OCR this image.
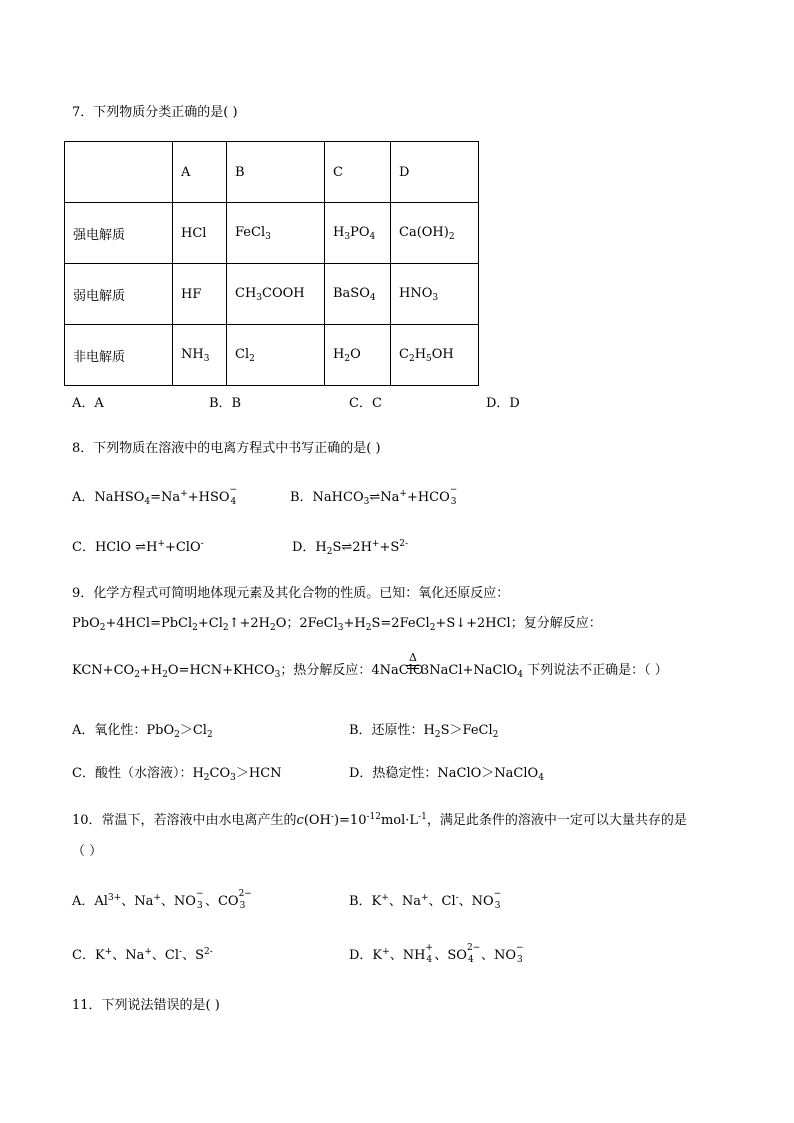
7．下列物质分类正确的是( )
	A	B	C	D
强电解质	HCl	FeCl$_3$	$H_3PO_4$	$Ca(OH)_2$
弱电解质	HF	$CH_3COOH$	BaSO$_4$	$HNO_3$
非电解质	$NH_3$	$Cl_2$	$H_2O$	$C_2H_5OH$
A．A	B．B	C．C	D．D
8．下列物质在溶液中的电离方程式中书写正确的是( )
A．NaHSO$_4$=Na++HSO −
4	B．NaHCO$_3$⇌Na++HCO −
3
C．HClO ⇌H++ClO-	D．$H_2S\rightleftharpoons 2H^++S^{2-}$
9．化学方程式可简明地体现元素及其化合物的性质。已知：氧化还原反应：
$PbO_2+4HCl=PbCl_2+Cl_2↑+2H_2O$；$2FeCl_3+H_2S=2FeCl_2+S↓+2HCl$；复分解反应：
$KCN+CO_2+H_2O=HCN+KHCO_3$；热分解反应：4NaClO
Δ
3NaCl+NaClO$_4$ 下列说法不正确是：（ ）
A．氧化性：$PbO_2>Cl_2$	B．还原性：$H_2S>FeCl_2$
C．酸性（水溶液）：$H_2CO_3>HCN$	D．热稳定性：NaClO＞NaClO$_4$
10．常温下，若溶液中由水电离产生的$c(OH^-)=10^{-12}mol\cdot L^{-1}$，满足此条件的溶液中一定可以大量共存的是
（ ）
A．$Al^{3+}$、Na+、NO −
3 、CO 2−
3	B．K+、Na+、Cl-、NO −
3
C．K+、Na+、Cl-、$S^{2-}$	D．K+、NH +
4 、SO 2−
4 、NO −
3
11．下列说法错误的是( )
